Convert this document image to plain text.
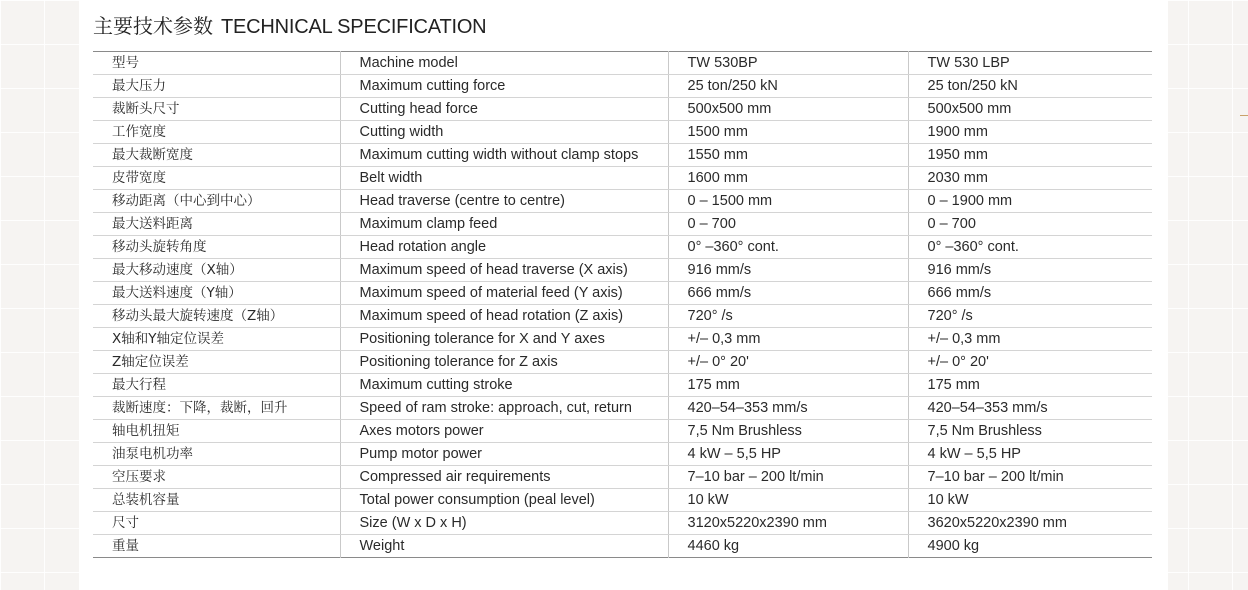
主要技术参数 TECHNICAL SPECIFICATION
型号	Machine model	TW 530BP	TW 530 LBP
最大压力	Maximum cutting force	25 ton/250 kN	25 ton/250 kN
裁断头尺寸	Cutting head force	500x500 mm	500x500 mm
工作宽度	Cutting width	1500 mm	1900 mm
最大裁断宽度	Maximum cutting width without clamp stops	1550 mm	1950 mm
皮带宽度	Belt width	1600 mm	2030 mm
移动距离（中心到中心）	Head traverse (centre to centre)	0 – 1500 mm	0 – 1900 mm
最大送料距离	Maximum clamp feed	0 – 700	0 – 700
移动头旋转角度	Head rotation angle	0° –360° cont.	0° –360° cont.
最大移动速度（X轴）	Maximum speed of head traverse (X axis)	916 mm/s	916 mm/s
最大送料速度（Y轴）	Maximum speed of material feed (Y axis)	666 mm/s	666 mm/s
移动头最大旋转速度（Z轴）	Maximum speed of head rotation (Z axis)	720° /s	720° /s
X轴和Y轴定位误差	Positioning tolerance for X and Y axes	+/– 0,3 mm	+/– 0,3 mm
Z轴定位误差	Positioning tolerance for Z axis	+/– 0° 20'	+/– 0° 20'
最大行程	Maximum cutting stroke	175 mm	175 mm
裁断速度：下降，裁断，回升	Speed of ram stroke: approach, cut, return	420–54–353 mm/s	420–54–353 mm/s
轴电机扭矩	Axes motors power	7,5 Nm Brushless	7,5 Nm Brushless
油泵电机功率	Pump motor power	4 kW – 5,5 HP	4 kW – 5,5 HP
空压要求	Compressed air requirements	7–10 bar – 200 lt/min	7–10 bar – 200 lt/min
总装机容量	Total power consumption (peal level)	10 kW	10 kW
尺寸	Size (W x D x H)	3120x5220x2390 mm	3620x5220x2390 mm
重量	Weight	4460 kg	4900 kg
